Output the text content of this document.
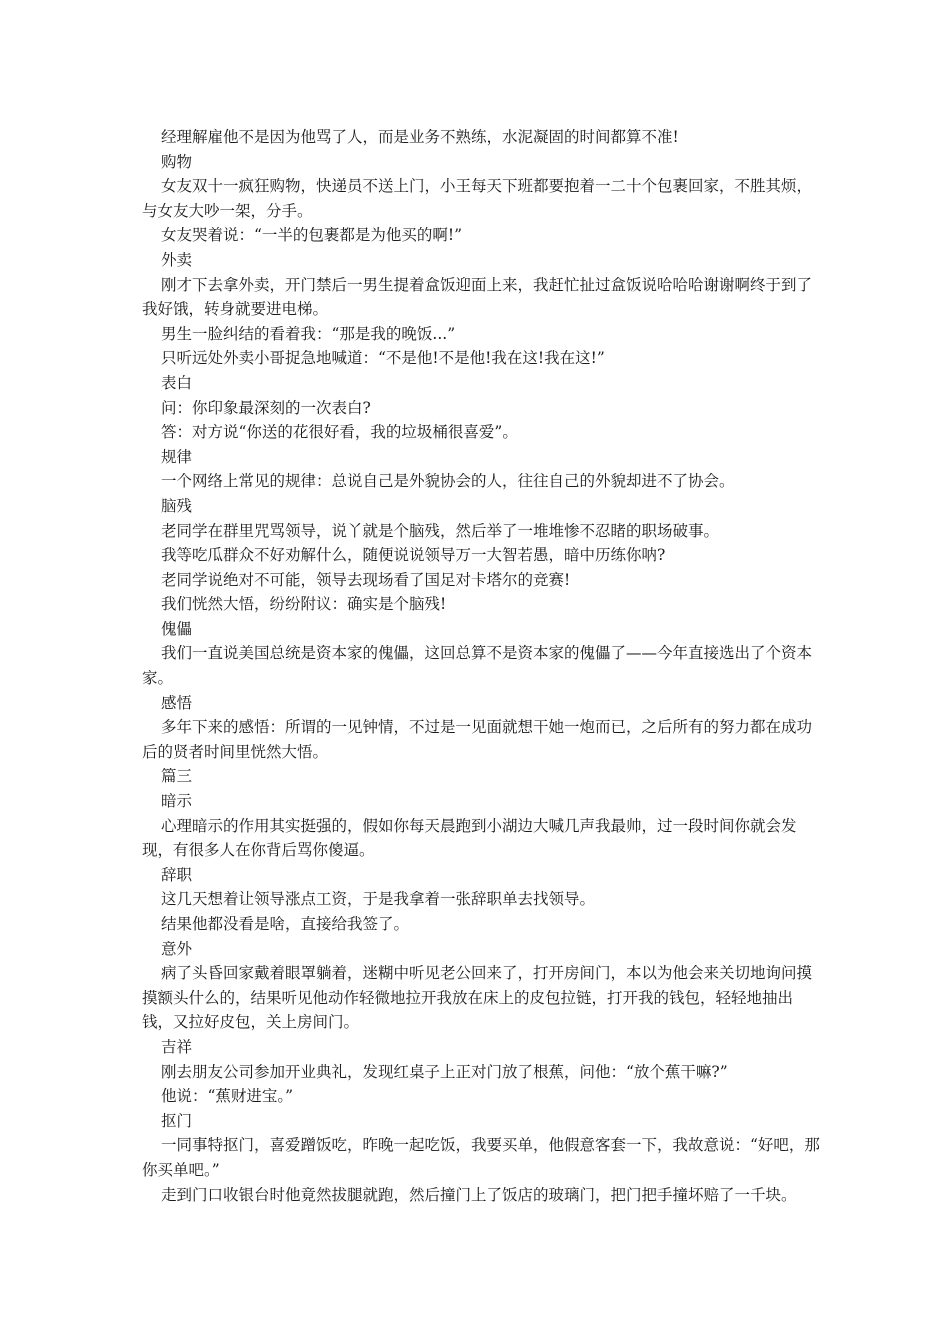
经理解雇他不是因为他骂了人，而是业务不熟练，水泥凝固的时间都算不准!

购物

女友双十一疯狂购物，快递员不送上门，小王每天下班都要抱着一二十个包裹回家，不胜其烦，与女友大吵一架，分手。

女友哭着说：“一半的包裹都是为他买的啊!”

外卖

刚才下去拿外卖，开门禁后一男生提着盒饭迎面上来，我赶忙扯过盒饭说哈哈哈谢谢啊终于到了我好饿，转身就要进电梯。

男生一脸纠结的看着我：“那是我的晚饭...”

只听远处外卖小哥捉急地喊道：“不是他!不是他!我在这!我在这!”

表白

问：你印象最深刻的一次表白?

答：对方说“你送的花很好看，我的垃圾桶很喜爱”。

规律

一个网络上常见的规律：总说自己是外貌协会的人，往往自己的外貌却进不了协会。

脑残

老同学在群里咒骂领导，说丫就是个脑残，然后举了一堆堆惨不忍睹的职场破事。

我等吃瓜群众不好劝解什么，随便说说领导万一大智若愚，暗中历练你呐?

老同学说绝对不可能，领导去现场看了国足对卡塔尔的竞赛!

我们恍然大悟，纷纷附议：确实是个脑残!

傀儡

我们一直说美国总统是资本家的傀儡，这回总算不是资本家的傀儡了——今年直接选出了个资本家。

感悟

多年下来的感悟：所谓的一见钟情，不过是一见面就想干她一炮而已，之后所有的努力都在成功后的贤者时间里恍然大悟。

篇三

暗示

心理暗示的作用其实挺强的，假如你每天晨跑到小湖边大喊几声我最帅，过一段时间你就会发现，有很多人在你背后骂你傻逼。

辞职

这几天想着让领导涨点工资，于是我拿着一张辞职单去找领导。

结果他都没看是啥，直接给我签了。

意外

病了头昏回家戴着眼罩躺着，迷糊中听见老公回来了，打开房间门，本以为他会来关切地询问摸摸额头什么的，结果听见他动作轻微地拉开我放在床上的皮包拉链，打开我的钱包，轻轻地抽出钱，又拉好皮包，关上房间门。

吉祥

刚去朋友公司参加开业典礼，发现红桌子上正对门放了根蕉，问他：“放个蕉干嘛?”

他说：“蕉财进宝。”

抠门

一同事特抠门，喜爱蹭饭吃，昨晚一起吃饭，我要买单，他假意客套一下，我故意说：“好吧，那你买单吧。”

走到门口收银台时他竟然拔腿就跑，然后撞门上了饭店的玻璃门，把门把手撞坏赔了一千块。
